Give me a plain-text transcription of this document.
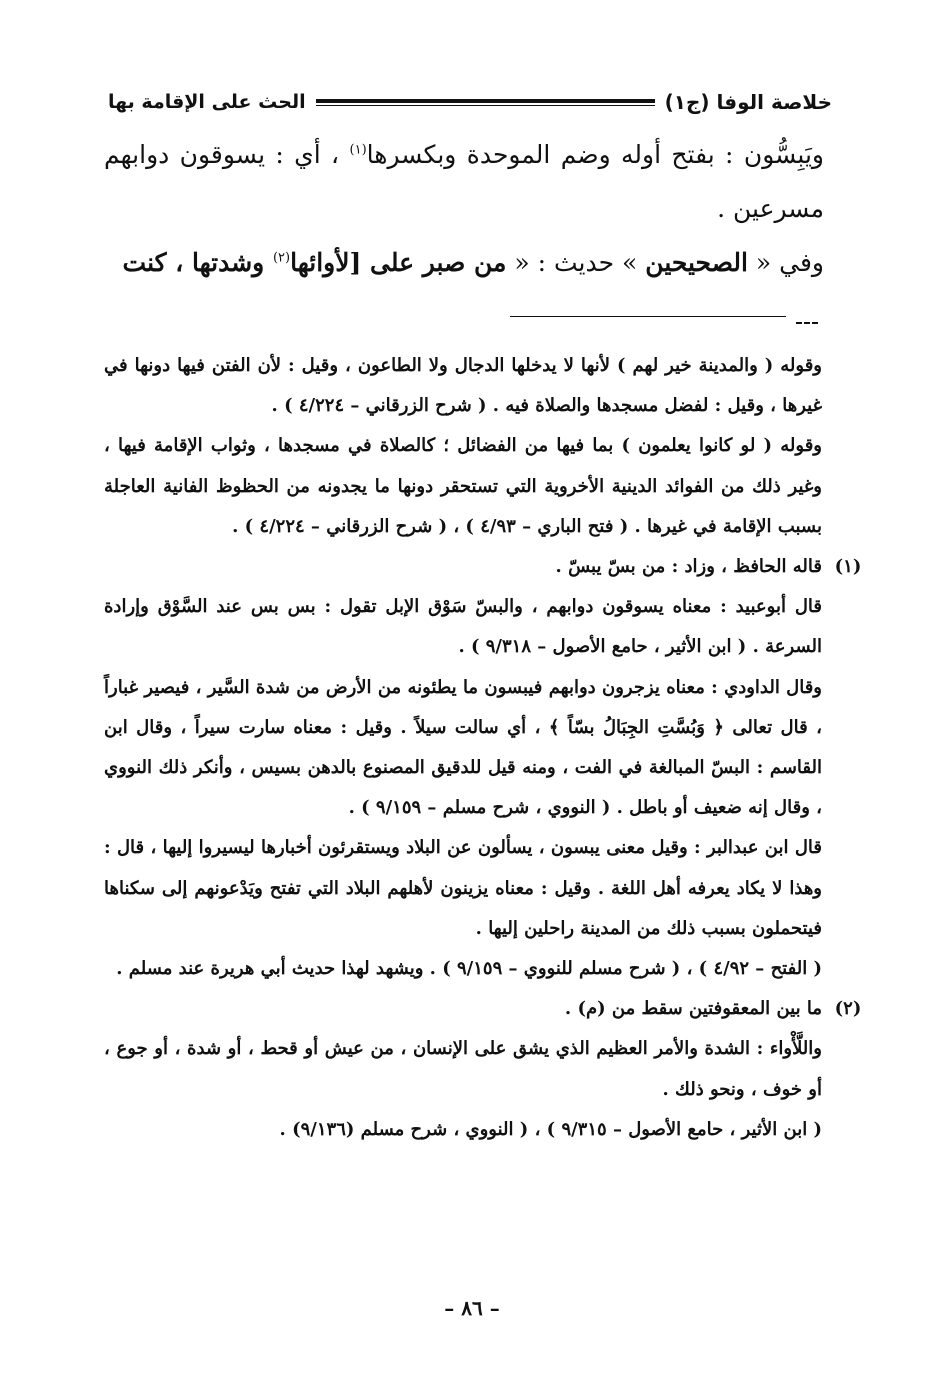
خلاصة الوفا (ج١)
الحث على الإقامة بها

ويَبِسُّون : بفتح أوله وضم الموحدة وبكسرها$^{(١)}$ ، أي : يسوقون دوابهم مسرعين .

وفي « الصحيحين » حديث : « من صبر على [لأوائها$^{(٢)}$ وشدتها ، كنت

وقوله ( والمدينة خير لهم ) لأنها لا يدخلها الدجال ولا الطاعون ، وقيل : لأن الفتن فيها دونها في غيرها ، وقيل : لفضل مسجدها والصلاة فيه . ( شرح الزرقاني – ٤/٢٢٤ ) .

وقوله ( لو كانوا يعلمون ) بما فيها من الفضائل ؛ كالصلاة في مسجدها ، وثواب الإقامة فيها ، وغير ذلك من الفوائد الدينية الأخروية التي تستحقر دونها ما يجدونه من الحظوظ الفانية العاجلة بسبب الإقامة في غيرها . ( فتح الباري – ٤/٩٣ ) ، ( شرح الزرقاني – ٤/٢٢٤ ) .

(١)

قاله الحافظ ، وزاد : من بسّ يبسّ .

قال أبوعبيد : معناه يسوقون دوابهم ، والبسّ سَوْق الإبل تقول : بس بس عند السَّوْق وإرادة السرعة . ( ابن الأثير ، حامع الأصول – ٩/٣١٨ ) .

وقال الداودي : معناه يزجرون دوابهم فيبسون ما يطئونه من الأرض من شدة السَّير ، فيصير غباراً ، قال تعالى ﴿ وَبُسَّتِ الجِبَالُ بسّاً ﴾ ، أي سالت سيلاً . وقيل : معناه سارت سيراً ، وقال ابن القاسم : البسّ المبالغة في الفت ، ومنه قيل للدقيق المصنوع بالدهن بسيس ، وأنكر ذلك النووي ، وقال إنه ضعيف أو باطل . ( النووي ، شرح مسلم – ٩/١٥٩ ) .

قال ابن عبدالبر : وقيل معنى يبسون ، يسألون عن البلاد ويستقرئون أخبارها ليسيروا إليها ، قال : وهذا لا يكاد يعرفه أهل اللغة . وقيل : معناه يزينون لأهلهم البلاد التي تفتح ويَدْعونهم إلى سكناها فيتحملون بسبب ذلك من المدينة راحلين إليها .

( الفتح – ٤/٩٢ ) ، ( شرح مسلم للنووي – ٩/١٥٩ ) . ويشهد لهذا حديث أبي هريرة عند مسلم .

(٢)

ما بين المعقوفتين سقط من (م) .

واللَّأْواء : الشدة والأمر العظيم الذي يشق على الإنسان ، من عيش أو قحط ، أو شدة ، أو جوع ، أو خوف ، ونحو ذلك .

( ابن الأثير ، حامع الأصول – ٩/٣١٥ ) ، ( النووي ، شرح مسلم (٩/١٣٦) .

– ٨٦ –
